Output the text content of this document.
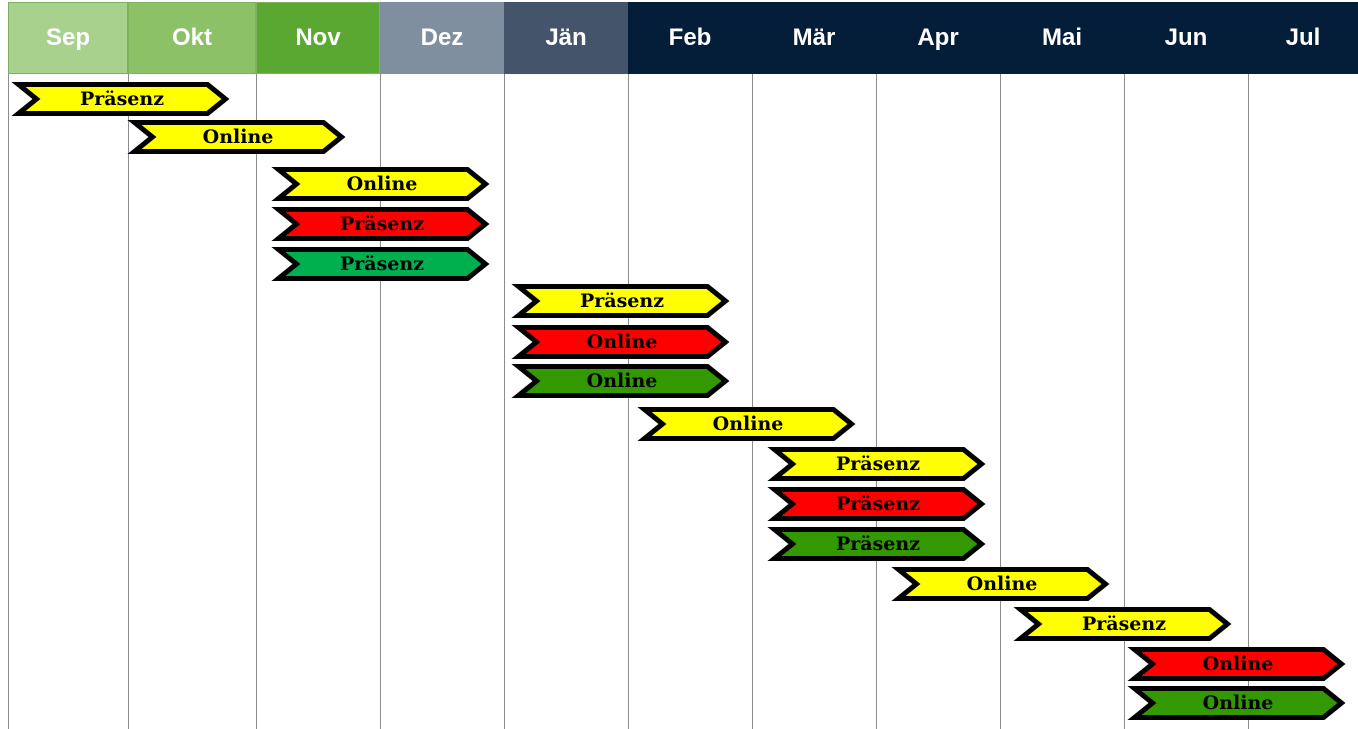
Sep	Okt	Nov	Dez	Jän	Feb	Mär	Apr	Mai	Jun	Jul
Präsenz
Online
Online
Präsenz
Präsenz
Präsenz
Online
Online
Online
Präsenz
Präsenz
Präsenz
Online
Präsenz
Online
Online
